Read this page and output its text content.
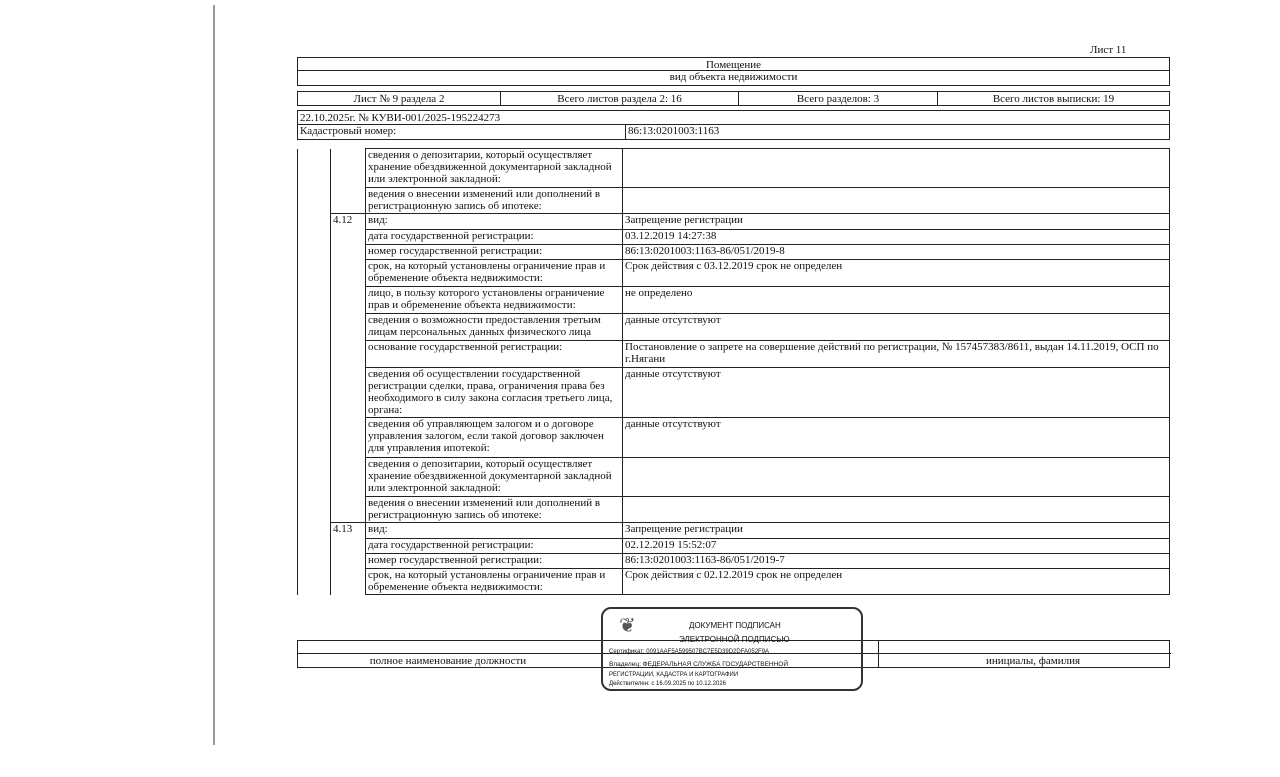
Лист 11
Помещение
вид объекта недвижимости
Лист № 9 раздела 2	Всего листов раздела 2: 16	Всего разделов: 3	Всего листов выписки: 19
22.10.2025г. № КУВИ-001/2025-195224273
Кадастровый номер:	86:13:0201003:1163
		сведения о депозитарии, который осуществляет хранение обездвиженной документарной закладной или электронной закладной:	
		ведения о внесении изменений или дополнений в регистрационную запись об ипотеке:	
	4.12	вид:	Запрещение регистрации
		дата государственной регистрации:	03.12.2019 14:27:38
		номер государственной регистрации:	86:13:0201003:1163-86/051/2019-8
		срок, на который установлены ограничение прав и обременение объекта недвижимости:	Срок действия с 03.12.2019 срок не определен
		лицо, в пользу которого установлены ограничение прав и обременение объекта недвижимости:	не определено
		сведения о возможности предоставления третьим лицам персональных данных физического лица	данные отсутствуют
		основание государственной регистрации:	Постановление о запрете на совершение действий по регистрации, № 157457383/8611, выдан 14.11.2019, ОСП по г.Нягани
		сведения об осуществлении государственной регистрации сделки, права, ограничения права без необходимого в силу закона согласия третьего лица, органа:	данные отсутствуют
		сведения об управляющем залогом и о договоре управления залогом, если такой договор заключен для управления ипотекой:	данные отсутствуют
		сведения о депозитарии, который осуществляет хранение обездвиженной документарной закладной или электронной закладной:	
		ведения о внесении изменений или дополнений в регистрационную запись об ипотеке:	
	4.13	вид:	Запрещение регистрации
		дата государственной регистрации:	02.12.2019 15:52:07
		номер государственной регистрации:	86:13:0201003:1163-86/051/2019-7
		срок, на который установлены ограничение прав и обременение объекта недвижимости:	Срок действия с 02.12.2019 срок не определен
полное наименование должности	инициалы, фамилия
❦	ДОКУМЕНТ ПОДПИСАН
ЭЛЕКТРОННОЙ ПОДПИСЬЮ
Сертификат: 0091AAF5A599507BC7E5D39D2DFA052F9A
Владелец: ФЕДЕРАЛЬНАЯ СЛУЖБА ГОСУДАРСТВЕННОЙ
РЕГИСТРАЦИИ, КАДАСТРА И КАРТОГРАФИИ
Действителен: с 16.09.2025 по 10.12.2026
